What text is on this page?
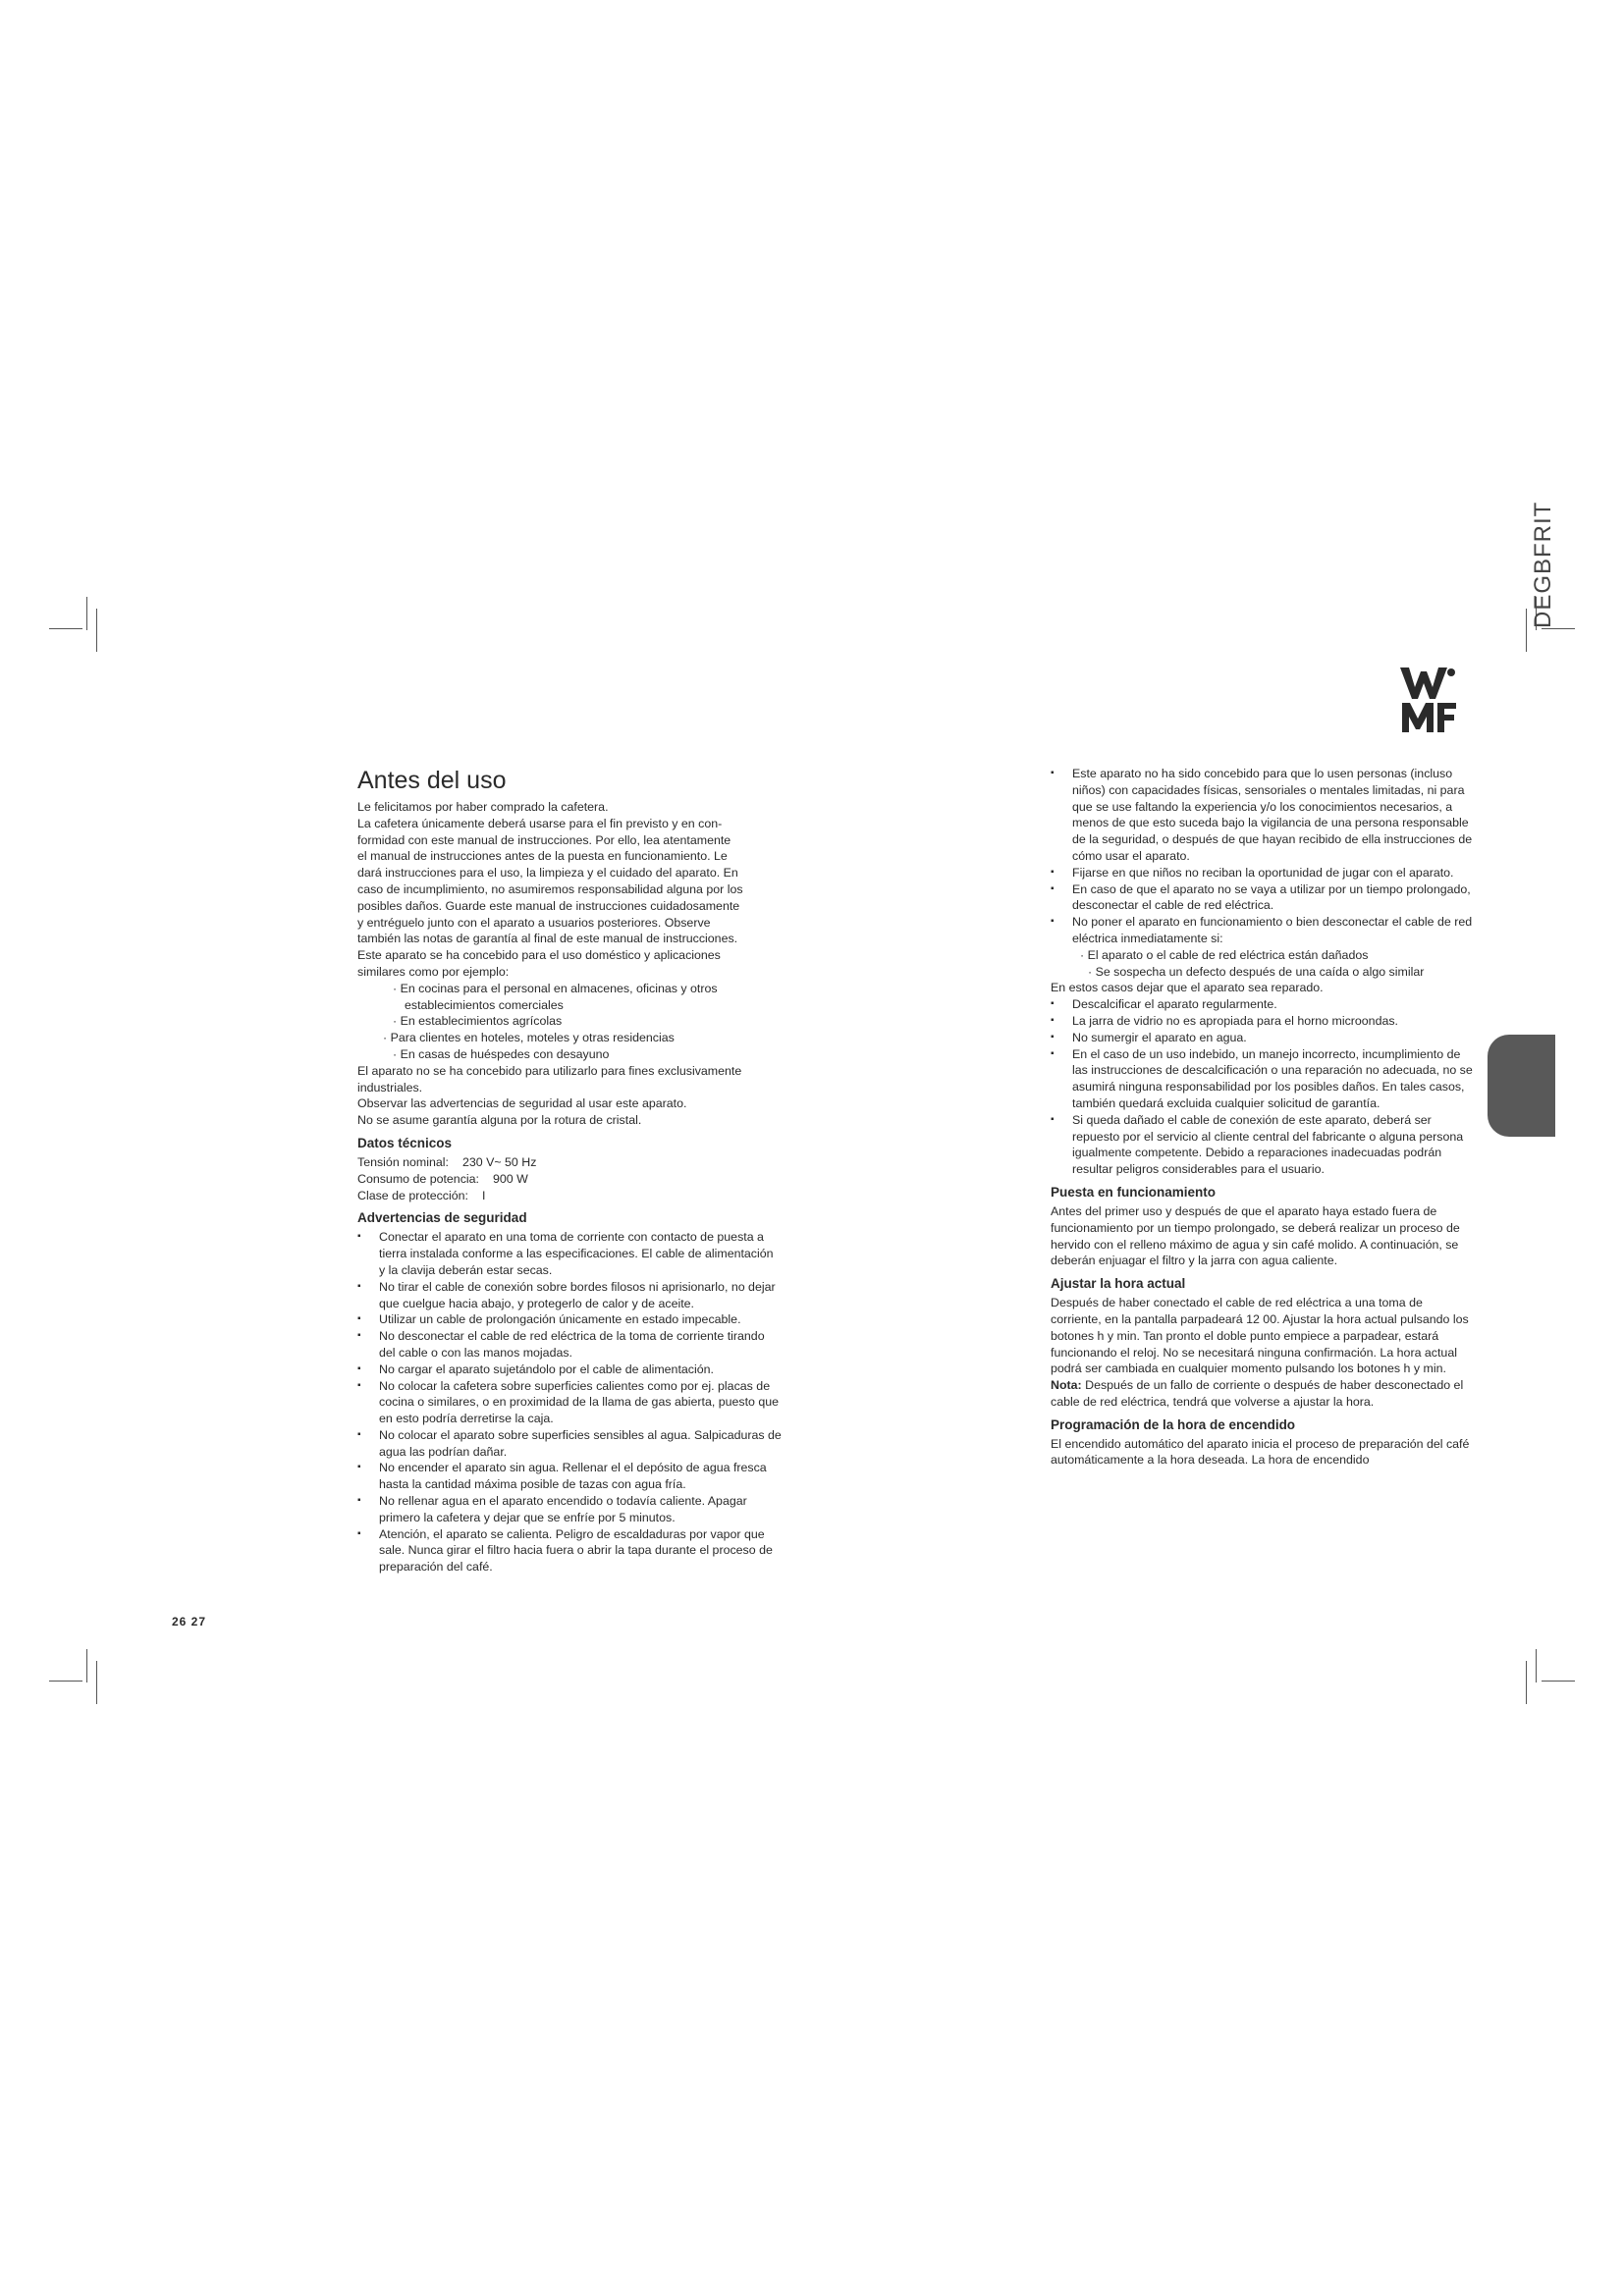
DEGBFRIT
Antes del uso

Le felicitamos por haber comprado la cafetera.

La cafetera únicamente deberá usarse para el fin previsto y en con-

formidad con este manual de instrucciones. Por ello, lea atentamente

el manual de instrucciones antes de la puesta en funcionamiento. Le

dará instrucciones para el uso, la limpieza y el cuidado del aparato. En

caso de incumplimiento, no asumiremos responsabilidad alguna por los

posibles daños. Guarde este manual de instrucciones cuidadosamente

y entréguelo junto con el aparato a usuarios posteriores. Observe

también las notas de garantía al final de este manual de instrucciones.

Este aparato se ha concebido para el uso doméstico y aplicaciones

similares como por ejemplo:

· En cocinas para el personal en almacenes, oficinas y otros

establecimientos comerciales

· En establecimientos agrícolas

· Para clientes en hoteles, moteles y otras residencias

· En casas de huéspedes con desayuno

El aparato no se ha concebido para utilizarlo para fines exclusivamente

industriales.

Observar las advertencias de seguridad al usar este aparato.

No se asume garantía alguna por la rotura de cristal.

Datos técnicos
Tensión nominal: 230 V~ 50 Hz
Consumo de potencia: 900 W
Clase de protección: I
Advertencias de seguridad
▪ Conectar el aparato en una toma de corriente con contacto de puesta a tierra instalada conforme a las especificaciones. El cable de alimentación y la clavija deberán estar secas.
▪ No tirar el cable de conexión sobre bordes filosos ni aprisionarlo, no dejar que cuelgue hacia abajo, y protegerlo de calor y de aceite.
▪ Utilizar un cable de prolongación únicamente en estado impecable.
▪ No desconectar el cable de red eléctrica de la toma de corriente tirando del cable o con las manos mojadas.
▪ No cargar el aparato sujetándolo por el cable de alimentación.
▪ No colocar la cafetera sobre superficies calientes como por ej. placas de cocina o similares, o en proximidad de la llama de gas abierta, puesto que en esto podría derretirse la caja.
▪ No colocar el aparato sobre superficies sensibles al agua. Salpicaduras de agua las podrían dañar.
▪ No encender el aparato sin agua. Rellenar el el depósito de agua fresca hasta la cantidad máxima posible de tazas con agua fría.
▪ No rellenar agua en el aparato encendido o todavía caliente. Apagar primero la cafetera y dejar que se enfríe por 5 minutos.
▪ Atención, el aparato se calienta. Peligro de escaldaduras por vapor que sale. Nunca girar el filtro hacia fuera o abrir la tapa durante el proceso de preparación del café.
▪ Este aparato no ha sido concebido para que lo usen personas (incluso niños) con capacidades físicas, sensoriales o mentales limitadas, ni para que se use faltando la experiencia y/o los conocimientos necesarios, a menos de que esto suceda bajo la vigilancia de una persona responsable de la seguridad, o después de que hayan recibido de ella instrucciones de cómo usar el aparato.
▪ Fijarse en que niños no reciban la oportunidad de jugar con el aparato.
▪ En caso de que el aparato no se vaya a utilizar por un tiempo prolongado, desconectar el cable de red eléctrica.
▪ No poner el aparato en funcionamiento o bien desconectar el cable de red eléctrica inmediatamente si:

· El aparato o el cable de red eléctrica están dañados

· Se sospecha un defecto después de una caída o algo similar

En estos casos dejar que el aparato sea reparado.

▪ Descalcificar el aparato regularmente.
▪ La jarra de vidrio no es apropiada para el horno microondas.
▪ No sumergir el aparato en agua.
▪ En el caso de un uso indebido, un manejo incorrecto, incumplimiento de las instrucciones de descalcificación o una reparación no adecuada, no se asumirá ninguna responsabilidad por los posibles daños. En tales casos, también quedará excluida cualquier solicitud de garantía.
▪ Si queda dañado el cable de conexión de este aparato, deberá ser repuesto por el servicio al cliente central del fabricante o alguna persona igualmente competente. Debido a reparaciones inadecuadas podrán resultar peligros considerables para el usuario.
Puesta en funcionamiento

Antes del primer uso y después de que el aparato haya estado fuera de funcionamiento por un tiempo prolongado, se deberá realizar un proceso de hervido con el relleno máximo de agua y sin café molido. A continuación, se deberán enjuagar el filtro y la jarra con agua caliente.

Ajustar la hora actual

Después de haber conectado el cable de red eléctrica a una toma de corriente, en la pantalla parpadeará 12 00. Ajustar la hora actual pulsando los botones h y min. Tan pronto el doble punto empiece a parpadear, estará funcionando el reloj. No se necesitará ninguna confirmación. La hora actual podrá ser cambiada en cualquier momento pulsando los botones h y min.

Nota: Después de un fallo de corriente o después de haber desconectado el cable de red eléctrica, tendrá que volverse a ajustar la hora.

Programación de la hora de encendido

El encendido automático del aparato inicia el proceso de preparación del café automáticamente a la hora deseada. La hora de encendido

26 27
